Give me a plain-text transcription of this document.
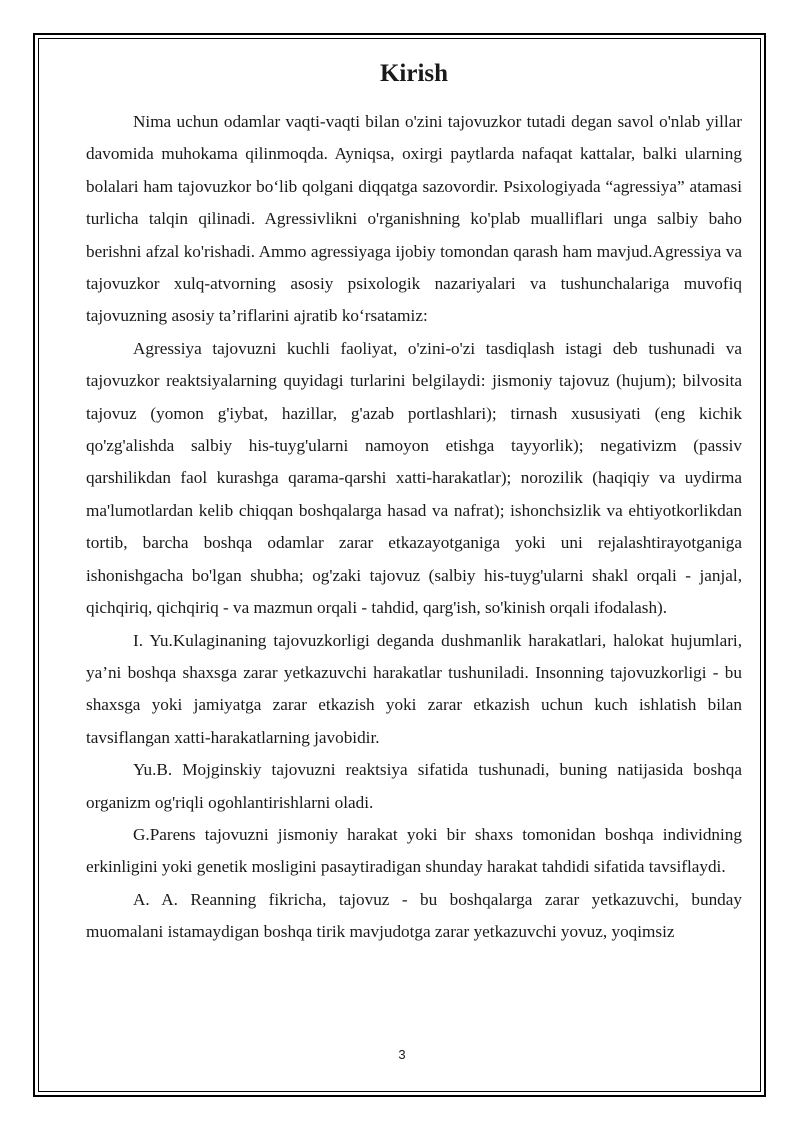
Kirish

Nima uchun odamlar vaqti-vaqti bilan o'zini tajovuzkor tutadi degan savol o'nlab yillar davomida muhokama qilinmoqda. Ayniqsa, oxirgi paytlarda nafaqat kattalar, balki ularning bolalari ham tajovuzkor bo‘lib qolgani diqqatga sazovordir. Psixologiyada “agressiya” atamasi turlicha talqin qilinadi. Agressivlikni o'rganishning ko'plab mualliflari unga salbiy baho berishni afzal ko'rishadi. Ammo agressiyaga ijobiy tomondan qarash ham mavjud.Agressiya va tajovuzkor xulq-atvorning asosiy psixologik nazariyalari va tushunchalariga muvofiq tajovuzning asosiy ta’riflarini ajratib ko‘rsatamiz:

Agressiya tajovuzni kuchli faoliyat, o'zini-o'zi tasdiqlash istagi deb tushunadi va tajovuzkor reaktsiyalarning quyidagi turlarini belgilaydi: jismoniy tajovuz (hujum); bilvosita tajovuz (yomon g'iybat, hazillar, g'azab portlashlari); tirnash xususiyati (eng kichik qo'zg'alishda salbiy his-tuyg'ularni namoyon etishga tayyorlik); negativizm (passiv qarshilikdan faol kurashga qarama-qarshi xatti-harakatlar); norozilik (haqiqiy va uydirma ma'lumotlardan kelib chiqqan boshqalarga hasad va nafrat); ishonchsizlik va ehtiyotkorlikdan tortib, barcha boshqa odamlar zarar etkazayotganiga yoki uni rejalashtirayotganiga ishonishgacha bo'lgan shubha; og'zaki tajovuz (salbiy his-tuyg'ularni shakl orqali - janjal, qichqiriq, qichqiriq - va mazmun orqali - tahdid, qarg'ish, so'kinish orqali ifodalash).

I. Yu.Kulaginaning tajovuzkorligi deganda dushmanlik harakatlari, halokat hujumlari, ya’ni boshqa shaxsga zarar yetkazuvchi harakatlar tushuniladi. Insonning tajovuzkorligi - bu shaxsga yoki jamiyatga zarar etkazish yoki zarar etkazish uchun kuch ishlatish bilan tavsiflangan xatti-harakatlarning javobidir.

Yu.B. Mojginskiy tajovuzni reaktsiya sifatida tushunadi, buning natijasida boshqa organizm og'riqli ogohlantirishlarni oladi.

G.Parens tajovuzni jismoniy harakat yoki bir shaxs tomonidan boshqa individning erkinligini yoki genetik mosligini pasaytiradigan shunday harakat tahdidi sifatida tavsiflaydi.

A. A. Reanning fikricha, tajovuz - bu boshqalarga zarar yetkazuvchi, bunday muomalani istamaydigan boshqa tirik mavjudotga zarar yetkazuvchi yovuz, yoqimsiz

3
